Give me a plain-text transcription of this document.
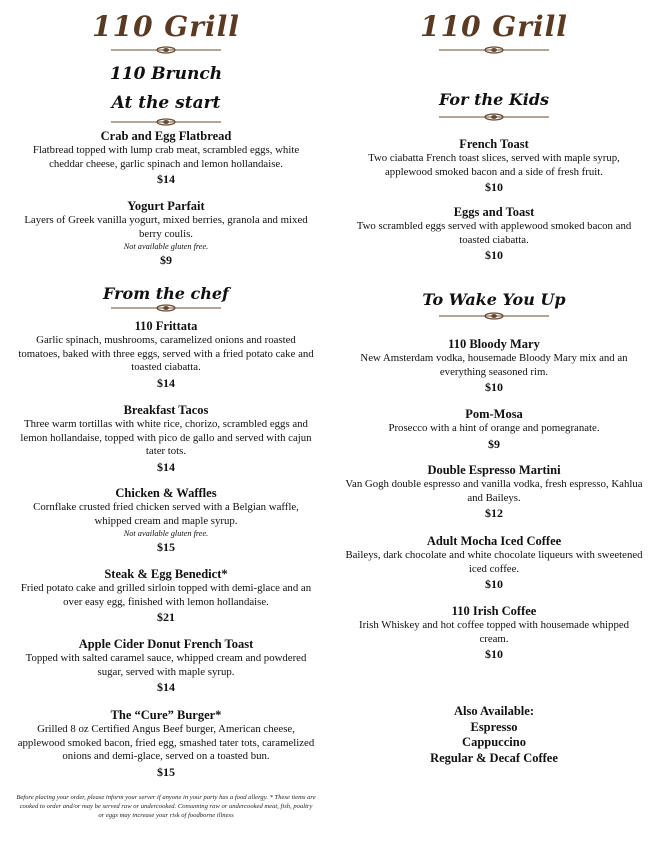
110 Grill
110 Brunch
At the start
Crab and Egg Flatbread
Flatbread topped with lump crab meat, scrambled eggs, white cheddar cheese, garlic spinach and lemon hollandaise.
$14
Yogurt Parfait
Layers of Greek vanilla yogurt, mixed berries, granola and mixed berry coulis.
Not available gluten free.
$9
From the chef
110 Frittata
Garlic spinach, mushrooms, caramelized onions and roasted tomatoes, baked with three eggs, served with a fried potato cake and toasted ciabatta.
$14
Breakfast Tacos
Three warm tortillas with white rice, chorizo, scrambled eggs and lemon hollandaise, topped with pico de gallo and served with cajun tater tots.
$14
Chicken & Waffles
Cornflake crusted fried chicken served with a Belgian waffle, whipped cream and maple syrup.
Not available gluten free.
$15
Steak & Egg Benedict*
Fried potato cake and grilled sirloin topped with demi-glace and an over easy egg, finished with lemon hollandaise.
$21
Apple Cider Donut French Toast
Topped with salted caramel sauce, whipped cream and powdered sugar, served with maple syrup.
$14
The “Cure” Burger*
Grilled 8 oz Certified Angus Beef burger, American cheese, applewood smoked bacon, fried egg, smashed tater tots, caramelized onions and demi-glace, served on a toasted bun.
$15
Before placing your order, please inform your server if anyone in your party has a food allergy. * These items are cooked to order and/or may be served raw or undercooked. Consuming raw or undercooked meat, fish, poultry or eggs may increase your risk of foodborne illness
110 Grill
For the Kids
French Toast
Two ciabatta French toast slices, served with maple syrup, applewood smoked bacon and a side of fresh fruit.
$10
Eggs and Toast
Two scrambled eggs served with applewood smoked bacon and toasted ciabatta.
$10
To Wake You Up
110 Bloody Mary
New Amsterdam vodka, housemade Bloody Mary mix and an everything seasoned rim.
$10
Pom-Mosa
Prosecco with a hint of orange and pomegranate.
$9
Double Espresso Martini
Van Gogh double espresso and vanilla vodka, fresh espresso, Kahlua and Baileys.
$12
Adult Mocha Iced Coffee
Baileys, dark chocolate and white chocolate liqueurs with sweetened iced coffee.
$10
110 Irish Coffee
Irish Whiskey and hot coffee topped with housemade whipped cream.
$10
Also Available:
Espresso
Cappuccino
Regular & Decaf Coffee
